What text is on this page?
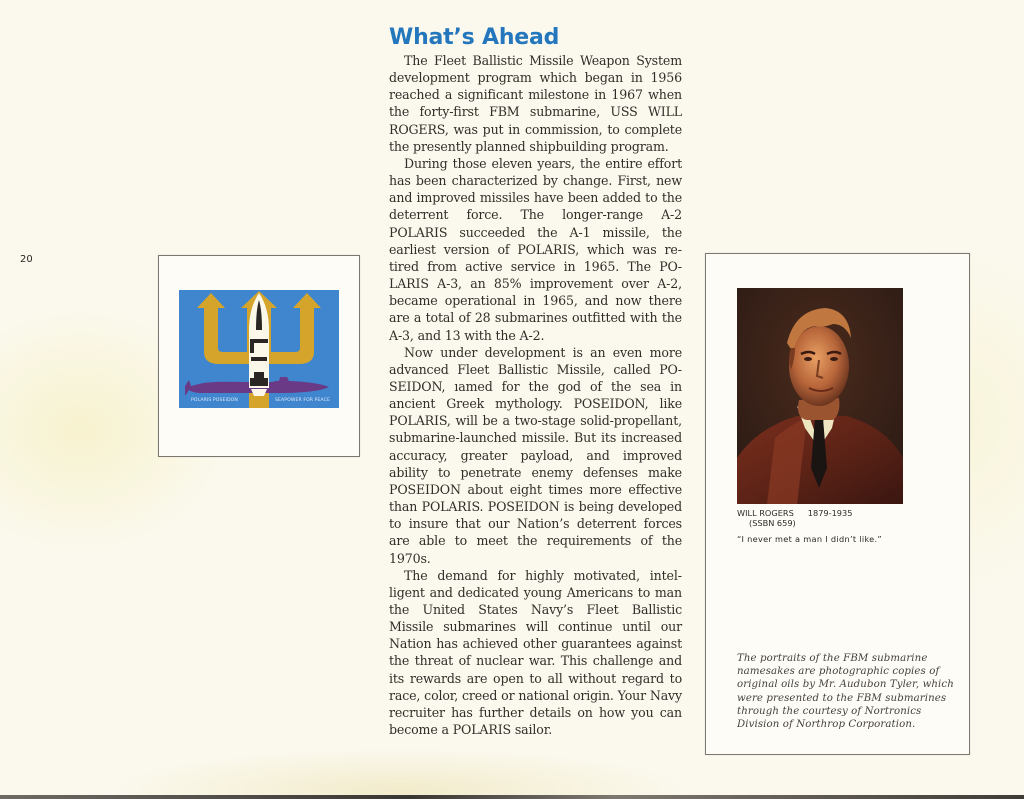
20
What’s Ahead

The Fleet Ballistic Missile Weapon System development program which began in 1956 reached a significant milestone in 1967 when the forty-first FBM submarine, USS WILL ROGERS, was put in commission, to complete the presently planned shipbuilding program.

During those eleven years, the entire effort has been characterized by change. First, new and improved missiles have been added to the deterrent force. The longer-range A-2 POLARIS succeeded the A-1 missile, the earliest version of POLARIS, which was retired from active service in 1965. The POLARIS A-3, an 85% improvement over A-2, became operational in 1965, and now there are a total of 28 submarines outfitted with the A-3, and 13 with the A-2.

Now under development is an even more advanced Fleet Ballistic Missile, called POSEIDON, ıamed for the god of the sea in ancient Greek mythology. POSEIDON, like POLARIS, will be a two-stage solid-propellant, submarine-launched missile. But its increased accuracy, greater payload, and improved ability to penetrate enemy defenses make POSEIDON about eight times more effective than POLARIS. POSEIDON is being developed to insure that our Nation’s deterrent forces are able to meet the requirements of the 1970s.

The demand for highly motivated, intelligent and dedicated young Americans to man the United States Navy’s Fleet Ballistic Missile submarines will continue until our Nation has achieved other guarantees against the threat of nuclear war. This challenge and its rewards are open to all without regard to race, color, creed or national origin. Your Navy recruiter has further details on how you can become a POLARIS sailor.

POLARIS POSEIDON	SEAPOWER FOR PEACE
WILL ROGERS 1879-1935
(SSBN 659)
“I never met a man I didn’t like.”
The portraits of the FBM submarine namesakes are photographic copies of original oils by Mr. Audubon Tyler, which were presented to the FBM submarines through the courtesy of Nortronics Division of Northrop Corporation.
